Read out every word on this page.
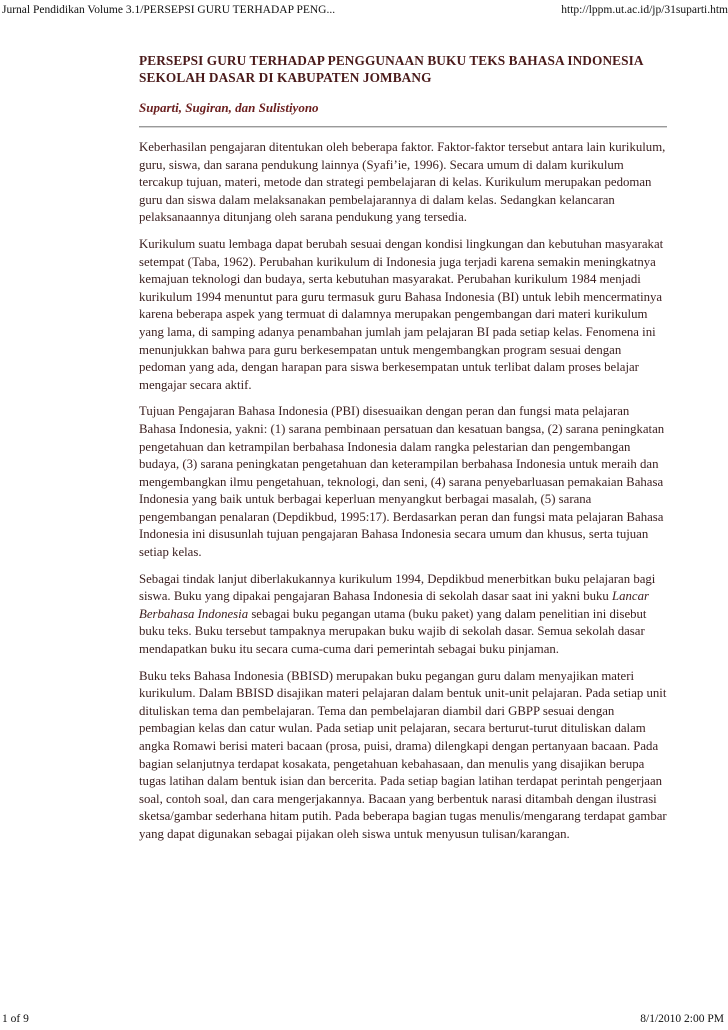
Jurnal Pendidikan Volume 3.1/PERSEPSI GURU TERHADAP PENG...	http://lppm.ut.ac.id/jp/31suparti.htm
PERSEPSI GURU TERHADAP PENGGUNAAN BUKU TEKS BAHASA INDONESIA SEKOLAH DASAR DI KABUPATEN JOMBANG
Suparti, Sugiran, dan Sulistiyono

Keberhasilan pengajaran ditentukan oleh beberapa faktor. Faktor-faktor tersebut antara lain kurikulum, guru, siswa, dan sarana pendukung lainnya (Syafi’ie, 1996). Secara umum di dalam kurikulum tercakup tujuan, materi, metode dan strategi pembelajaran di kelas. Kurikulum merupakan pedoman guru dan siswa dalam melaksanakan pembelajarannya di dalam kelas. Sedangkan kelancaran pelaksanaannya ditunjang oleh sarana pendukung yang tersedia.

Kurikulum suatu lembaga dapat berubah sesuai dengan kondisi lingkungan dan kebutuhan masyarakat setempat (Taba, 1962). Perubahan kurikulum di Indonesia juga terjadi karena semakin meningkatnya kemajuan teknologi dan budaya, serta kebutuhan masyarakat. Perubahan kurikulum 1984 menjadi kurikulum 1994 menuntut para guru termasuk guru Bahasa Indonesia (BI) untuk lebih mencermatinya karena beberapa aspek yang termuat di dalamnya merupakan pengembangan dari materi kurikulum yang lama, di samping adanya penambahan jumlah jam pelajaran BI pada setiap kelas. Fenomena ini menunjukkan bahwa para guru berkesempatan untuk mengembangkan program sesuai dengan pedoman yang ada, dengan harapan para siswa berkesempatan untuk terlibat dalam proses belajar mengajar secara aktif.

Tujuan Pengajaran Bahasa Indonesia (PBI) disesuaikan dengan peran dan fungsi mata pelajaran Bahasa Indonesia, yakni: (1) sarana pembinaan persatuan dan kesatuan bangsa, (2) sarana peningkatan pengetahuan dan ketrampilan berbahasa Indonesia dalam rangka pelestarian dan pengembangan budaya, (3) sarana peningkatan pengetahuan dan keterampilan berbahasa Indonesia untuk meraih dan mengembangkan ilmu pengetahuan, teknologi, dan seni, (4) sarana penyebarluasan pemakaian Bahasa Indonesia yang baik untuk berbagai keperluan menyangkut berbagai masalah, (5) sarana pengembangan penalaran (Depdikbud, 1995:17). Berdasarkan peran dan fungsi mata pelajaran Bahasa Indonesia ini disusunlah tujuan pengajaran Bahasa Indonesia secara umum dan khusus, serta tujuan setiap kelas.

Sebagai tindak lanjut diberlakukannya kurikulum 1994, Depdikbud menerbitkan buku pelajaran bagi siswa. Buku yang dipakai pengajaran Bahasa Indonesia di sekolah dasar saat ini yakni buku Lancar Berbahasa Indonesia sebagai buku pegangan utama (buku paket) yang dalam penelitian ini disebut buku teks. Buku tersebut tampaknya merupakan buku wajib di sekolah dasar. Semua sekolah dasar mendapatkan buku itu secara cuma-cuma dari pemerintah sebagai buku pinjaman.

Buku teks Bahasa Indonesia (BBISD) merupakan buku pegangan guru dalam menyajikan materi kurikulum. Dalam BBISD disajikan materi pelajaran dalam bentuk unit-unit pelajaran. Pada setiap unit dituliskan tema dan pembelajaran. Tema dan pembelajaran diambil dari GBPP sesuai dengan pembagian kelas dan catur wulan. Pada setiap unit pelajaran, secara berturut-turut dituliskan dalam angka Romawi berisi materi bacaan (prosa, puisi, drama) dilengkapi dengan pertanyaan bacaan. Pada bagian selanjutnya terdapat kosakata, pengetahuan kebahasaan, dan menulis yang disajikan berupa tugas latihan dalam bentuk isian dan bercerita. Pada setiap bagian latihan terdapat perintah pengerjaan soal, contoh soal, dan cara mengerjakannya. Bacaan yang berbentuk narasi ditambah dengan ilustrasi sketsa/gambar sederhana hitam putih. Pada beberapa bagian tugas menulis/mengarang terdapat gambar yang dapat digunakan sebagai pijakan oleh siswa untuk menyusun tulisan/karangan.

1 of 9	8/1/2010 2:00 PM
